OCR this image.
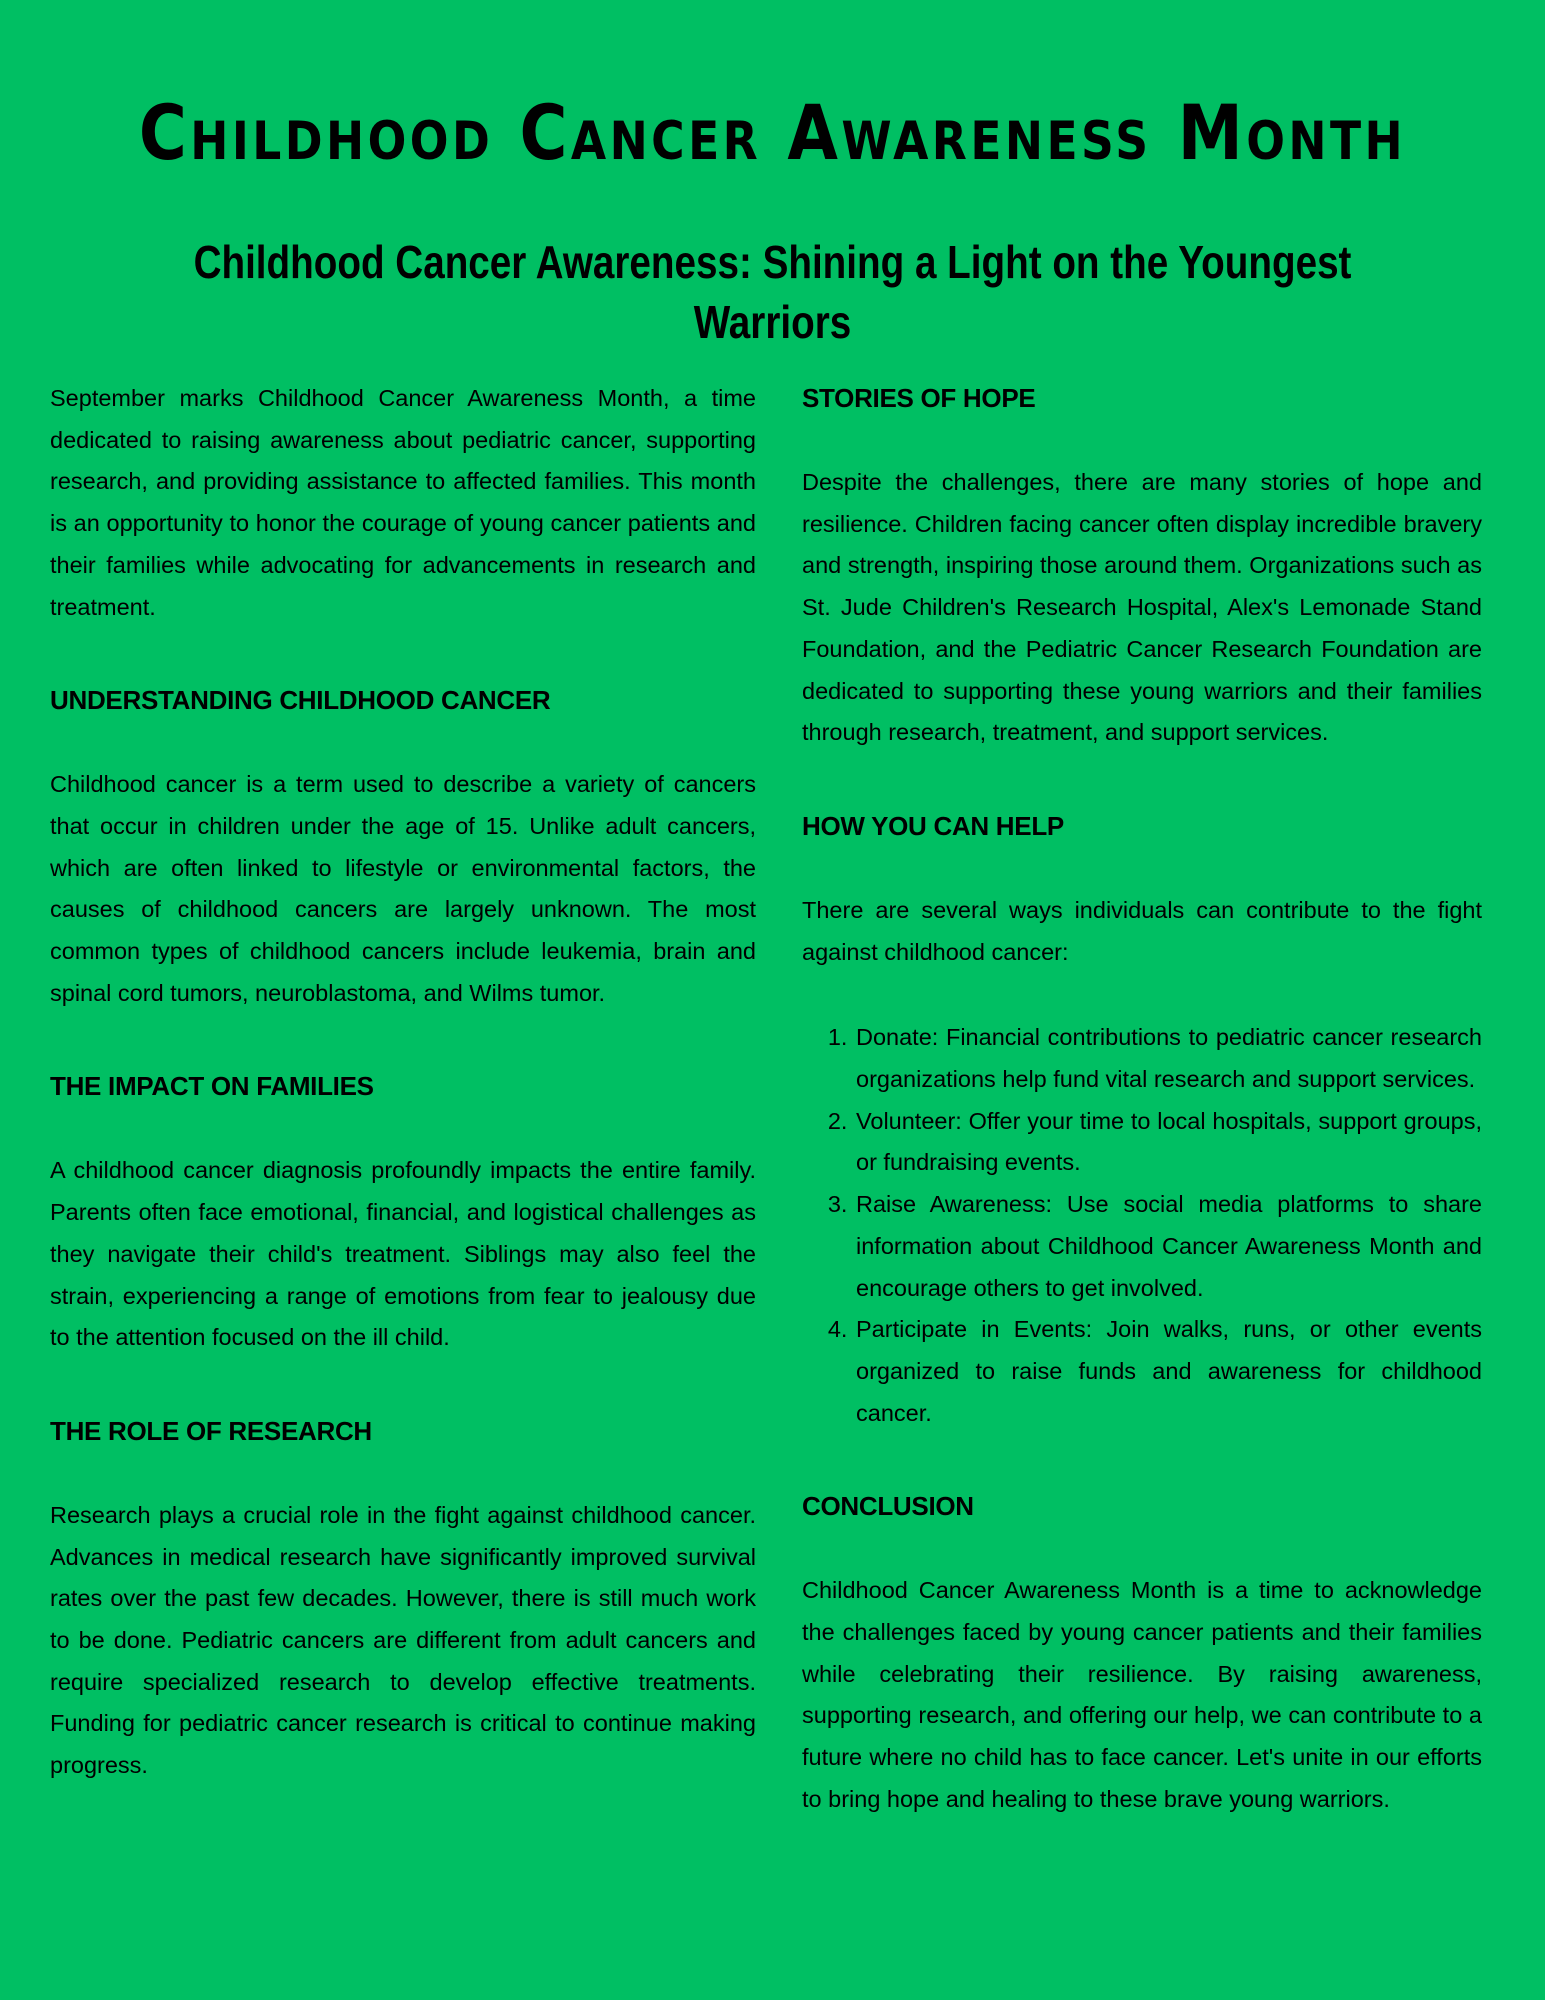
Childhood Cancer Awareness Month
Childhood Cancer Awareness: Shining a Light on the Youngest Warriors

September marks Childhood Cancer Awareness Month, a time dedicated to raising awareness about pediatric cancer, supporting research, and providing assistance to affected families. This month is an opportunity to honor the courage of young cancer patients and their families while advocating for advancements in research and treatment.

UNDERSTANDING CHILDHOOD CANCER

Childhood cancer is a term used to describe a variety of cancers that occur in children under the age of 15. Unlike adult cancers, which are often linked to lifestyle or environmental factors, the causes of childhood cancers are largely unknown. The most common types of childhood cancers include leukemia, brain and spinal cord tumors, neuroblastoma, and Wilms tumor.

THE IMPACT ON FAMILIES

A childhood cancer diagnosis profoundly impacts the entire family. Parents often face emotional, financial, and logistical challenges as they navigate their child's treatment. Siblings may also feel the strain, experiencing a range of emotions from fear to jealousy due to the attention focused on the ill child.

THE ROLE OF RESEARCH

Research plays a crucial role in the fight against childhood cancer. Advances in medical research have significantly improved survival rates over the past few decades. However, there is still much work to be done. Pediatric cancers are different from adult cancers and require specialized research to develop effective treatments. Funding for pediatric cancer research is critical to continue making progress.

STORIES OF HOPE

Despite the challenges, there are many stories of hope and resilience. Children facing cancer often display incredible bravery and strength, inspiring those around them. Organizations such as St. Jude Children's Research Hospital, Alex's Lemonade Stand Foundation, and the Pediatric Cancer Research Foundation are dedicated to supporting these young warriors and their families through research, treatment, and support services.

HOW YOU CAN HELP

There are several ways individuals can contribute to the fight against childhood cancer:

1. Donate: Financial contributions to pediatric cancer research organizations help fund vital research and support services.
2. Volunteer: Offer your time to local hospitals, support groups, or fundraising events.
3. Raise Awareness: Use social media platforms to share information about Childhood Cancer Awareness Month and encourage others to get involved.
4. Participate in Events: Join walks, runs, or other events organized to raise funds and awareness for childhood cancer.
CONCLUSION

Childhood Cancer Awareness Month is a time to acknowledge the challenges faced by young cancer patients and their families while celebrating their resilience. By raising awareness, supporting research, and offering our help, we can contribute to a future where no child has to face cancer. Let's unite in our efforts to bring hope and healing to these brave young warriors.
